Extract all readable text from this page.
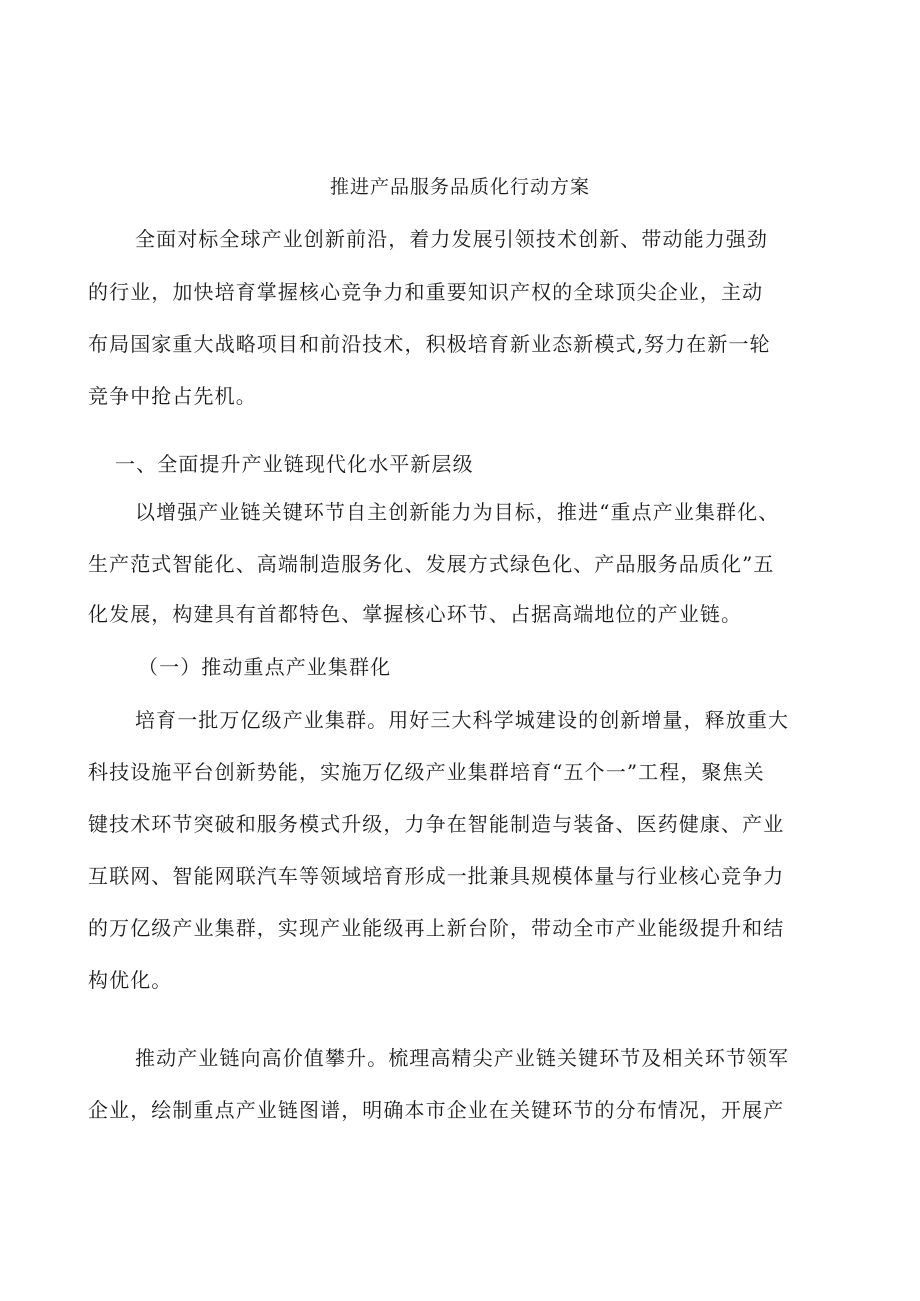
推进产品服务品质化行动方案
全面对标全球产业创新前沿，着力发展引领技术创新、带动能力强劲
的行业，加快培育掌握核心竞争力和重要知识产权的全球顶尖企业，主动
布局国家重大战略项目和前沿技术，积极培育新业态新模式,努力在新一轮
竞争中抢占先机。
一、全面提升产业链现代化水平新层级
以增强产业链关键环节自主创新能力为目标，推进“重点产业集群化、
生产范式智能化、高端制造服务化、发展方式绿色化、产品服务品质化”五
化发展，构建具有首都特色、掌握核心环节、占据高端地位的产业链。
（一）推动重点产业集群化
培育一批万亿级产业集群。用好三大科学城建设的创新增量，释放重大
科技设施平台创新势能，实施万亿级产业集群培育“五个一”工程，聚焦关
键技术环节突破和服务模式升级，力争在智能制造与装备、医药健康、产业
互联网、智能网联汽车等领域培育形成一批兼具规模体量与行业核心竞争力
的万亿级产业集群，实现产业能级再上新台阶，带动全市产业能级提升和结
构优化。
推动产业链向高价值攀升。梳理高精尖产业链关键环节及相关环节领军
企业，绘制重点产业链图谱，明确本市企业在关键环节的分布情况，开展产
